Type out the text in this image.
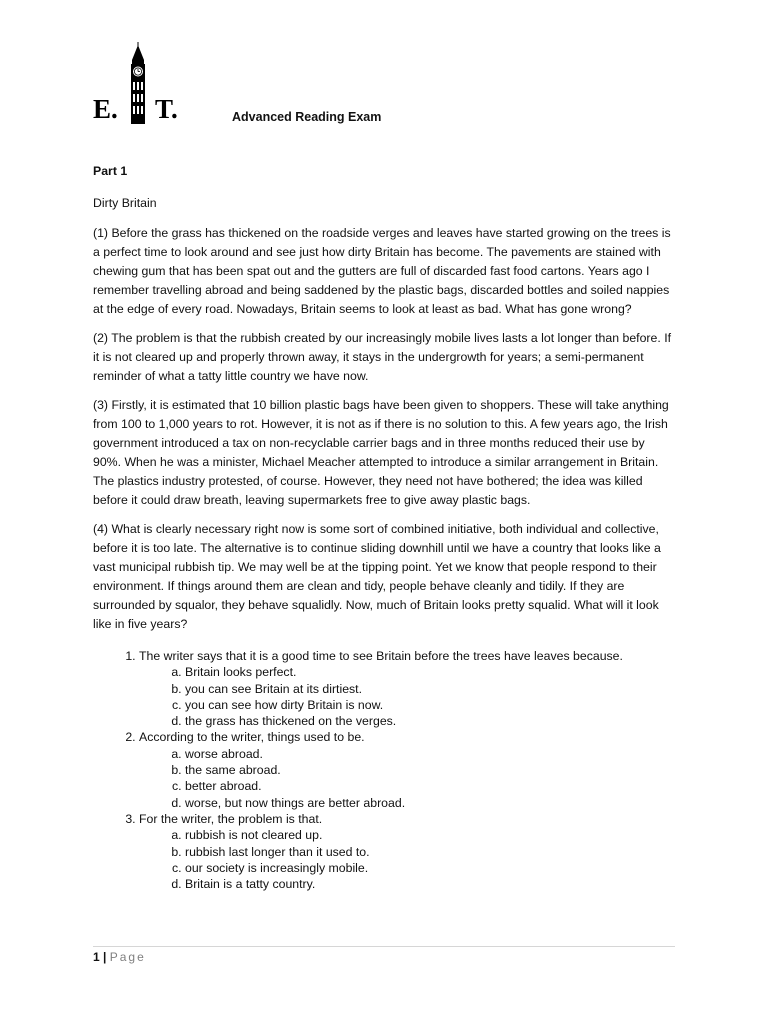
E. T.	Advanced Reading Exam
Part 1
Dirty Britain

(1) Before the grass has thickened on the roadside verges and leaves have started growing on the trees is a perfect time to look around and see just how dirty Britain has become. The pavements are stained with chewing gum that has been spat out and the gutters are full of discarded fast food cartons. Years ago I remember travelling abroad and being saddened by the plastic bags, discarded bottles and soiled nappies at the edge of every road. Nowadays, Britain seems to look at least as bad. What has gone wrong?

(2) The problem is that the rubbish created by our increasingly mobile lives lasts a lot longer than before. If it is not cleared up and properly thrown away, it stays in the undergrowth for years; a semi-permanent reminder of what a tatty little country we have now.

(3) Firstly, it is estimated that 10 billion plastic bags have been given to shoppers. These will take anything from 100 to 1,000 years to rot. However, it is not as if there is no solution to this. A few years ago, the Irish government introduced a tax on non-recyclable carrier bags and in three months reduced their use by 90%. When he was a minister, Michael Meacher attempted to introduce a similar arrangement in Britain. The plastics industry protested, of course. However, they need not have bothered; the idea was killed before it could draw breath, leaving supermarkets free to give away plastic bags.

(4) What is clearly necessary right now is some sort of combined initiative, both individual and collective, before it is too late. The alternative is to continue sliding downhill until we have a country that looks like a vast municipal rubbish tip. We may well be at the tipping point. Yet we know that people respond to their environment. If things around them are clean and tidy, people behave cleanly and tidily. If they are surrounded by squalor, they behave squalidly. Now, much of Britain looks pretty squalid. What will it look like in five years?

1. The writer says that it is a good time to see Britain before the trees have leaves because.
a. Britain looks perfect.
b. you can see Britain at its dirtiest.
c. you can see how dirty Britain is now.
d. the grass has thickened on the verges.
2. According to the writer, things used to be.
a. worse abroad.
b. the same abroad.
c. better abroad.
d. worse, but now things are better abroad.
3. For the writer, the problem is that.
a. rubbish is not cleared up.
b. rubbish last longer than it used to.
c. our society is increasingly mobile.
d. Britain is a tatty country.
1 | Page
